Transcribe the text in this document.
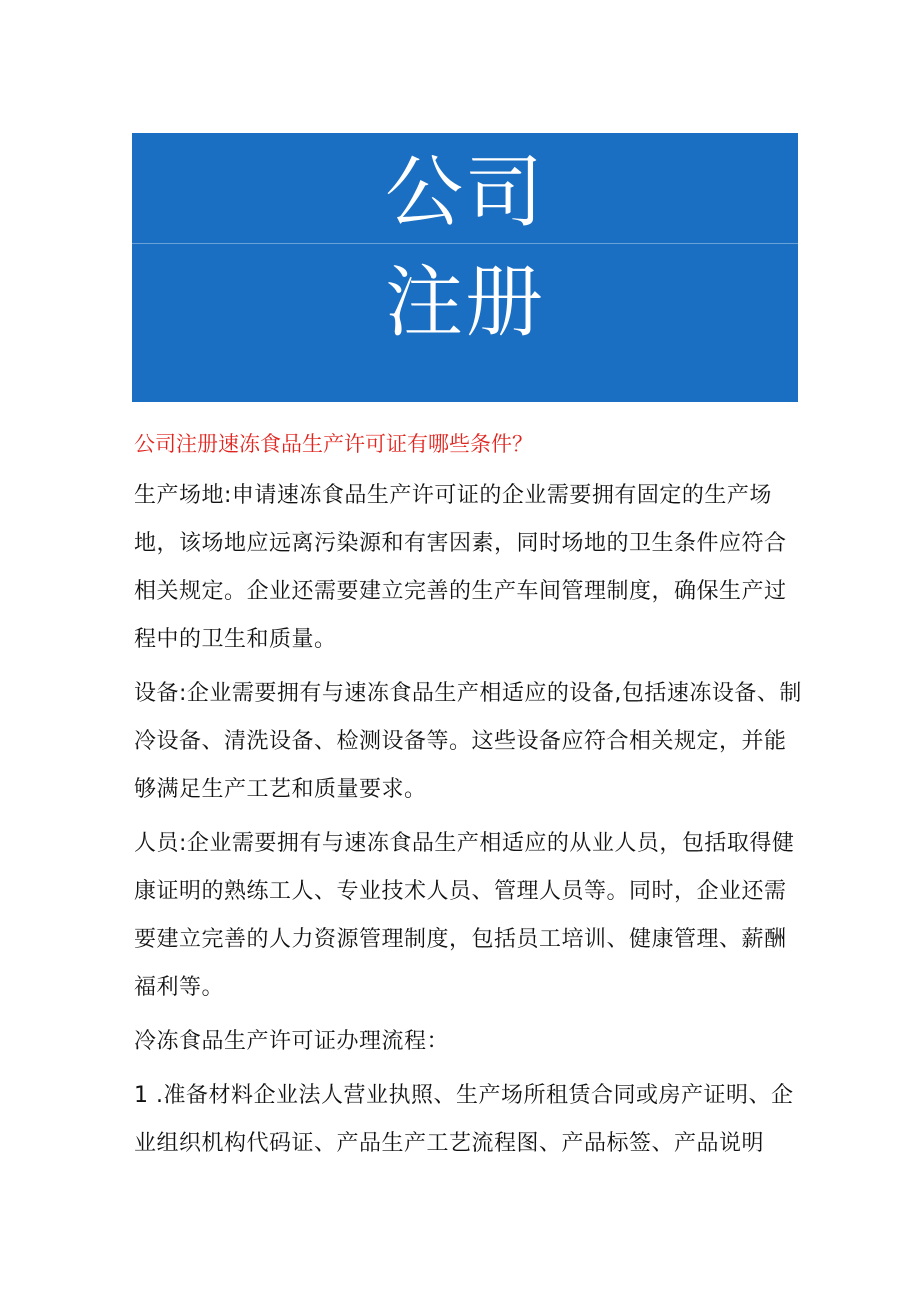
公司
注册
公司注册速冻食品生产许可证有哪些条件？

生产场地:申请速冻食品生产许可证的企业需要拥有固定的生产场地，该场地应远离污染源和有害因素，同时场地的卫生条件应符合相关规定。企业还需要建立完善的生产车间管理制度，确保生产过程中的卫生和质量。

设备:企业需要拥有与速冻食品生产相适应的设备,包括速冻设备、制冷设备、清洗设备、检测设备等。这些设备应符合相关规定，并能够满足生产工艺和质量要求。

人员:企业需要拥有与速冻食品生产相适应的从业人员，包括取得健康证明的熟练工人、专业技术人员、管理人员等。同时，企业还需要建立完善的人力资源管理制度，包括员工培训、健康管理、薪酬福利等。

冷冻食品生产许可证办理流程：

1 .准备材料企业法人营业执照、生产场所租赁合同或房产证明、企业组织机构代码证、产品生产工艺流程图、产品标签、产品说明
